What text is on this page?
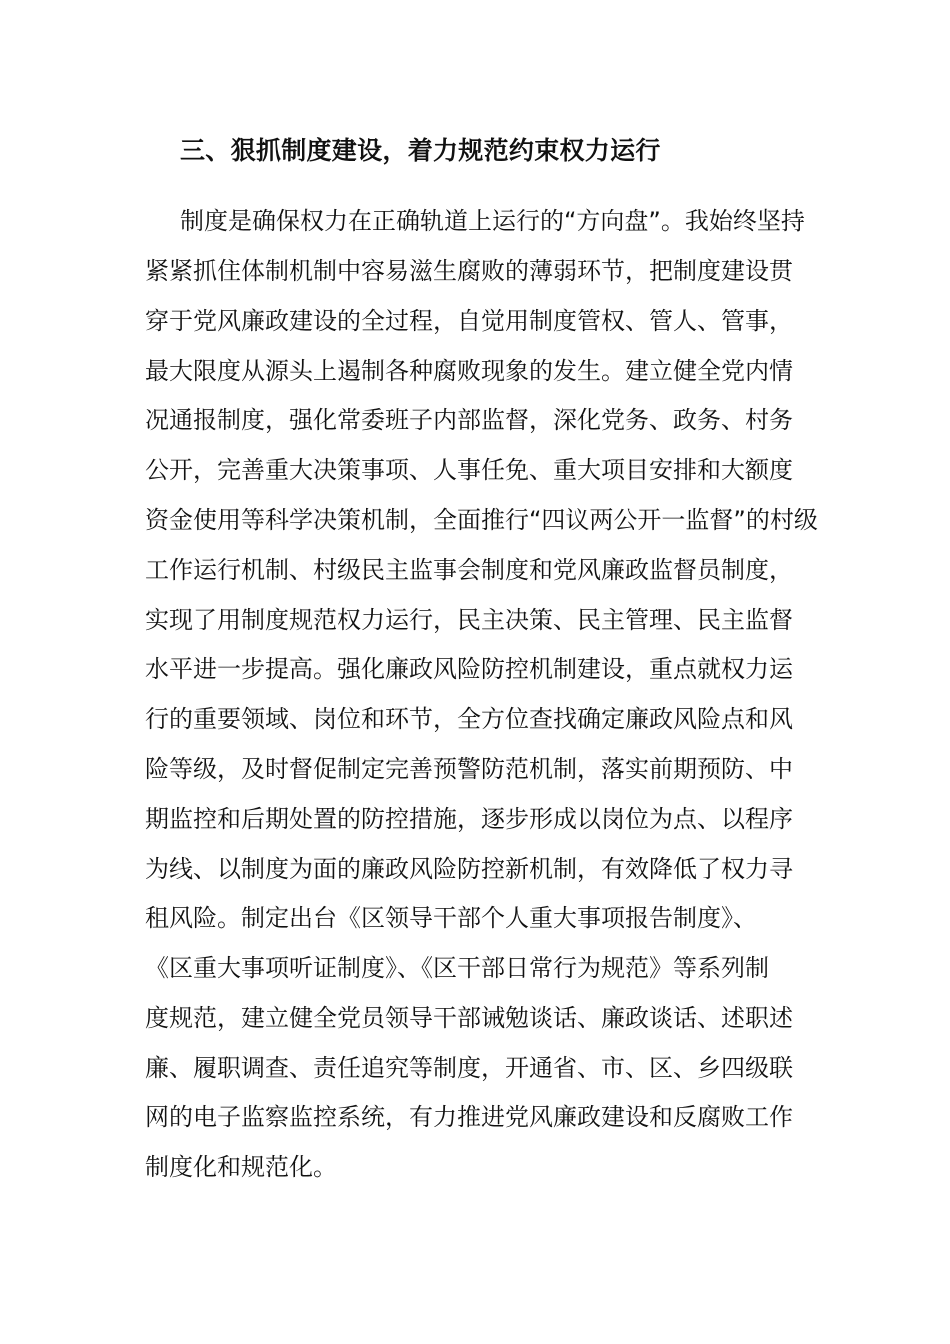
三、狠抓制度建设，着力规范约束权力运行
制度是确保权力在正确轨道上运行的“方向盘”。我始终坚持
紧紧抓住体制机制中容易滋生腐败的薄弱环节，把制度建设贯
穿于党风廉政建设的全过程，自觉用制度管权、管人、管事，
最大限度从源头上遏制各种腐败现象的发生。建立健全党内情
况通报制度，强化常委班子内部监督，深化党务、政务、村务
公开，完善重大决策事项、人事任免、重大项目安排和大额度
资金使用等科学决策机制，全面推行“四议两公开一监督”的村级
工作运行机制、村级民主监事会制度和党风廉政监督员制度，
实现了用制度规范权力运行，民主决策、民主管理、民主监督
水平进一步提高。强化廉政风险防控机制建设，重点就权力运
行的重要领域、岗位和环节，全方位查找确定廉政风险点和风
险等级，及时督促制定完善预警防范机制，落实前期预防、中
期监控和后期处置的防控措施，逐步形成以岗位为点、以程序
为线、以制度为面的廉政风险防控新机制，有效降低了权力寻
租风险。制定出台《区领导干部个人重大事项报告制度》、
《区重大事项听证制度》、《区干部日常行为规范》等系列制
度规范，建立健全党员领导干部诫勉谈话、廉政谈话、述职述
廉、履职调查、责任追究等制度，开通省、市、区、乡四级联
网的电子监察监控系统，有力推进党风廉政建设和反腐败工作
制度化和规范化。
